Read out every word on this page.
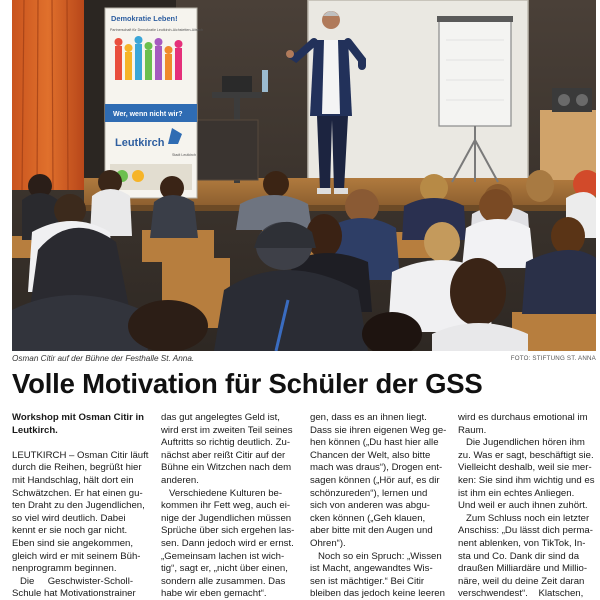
Demokratie Leben!
Partnerschaft für Demokratie Leutkirch-Aichstetten-Aitrach
Wer, wenn nicht wir?
Leutkirch
Stadt Leutkirch
Osman Citir auf der Bühne der Festhalle St. Anna.	FOTO: STIFTUNG ST. ANNA
Volle Motivation für Schüler der GSS
Workshop mit Osman Citir in
Leutkirch.
LEUTKIRCH – Osman Citir läuft
durch die Reihen, begrüßt hier
mit Handschlag, hält dort ein
Schwätzchen. Er hat einen gu-
ten Draht zu den Jugendlichen,
so viel wird deutlich. Dabei
kennt er sie noch gar nicht.
Eben sind sie angekommen,
gleich wird er mit seinem Büh-
nenprogramm beginnen.
Die     Geschwister-Scholl-
Schule hat Motivationstrainer
das gut angelegtes Geld ist,
wird erst im zweiten Teil seines
Auftritts so richtig deutlich. Zu-
nächst aber reißt Citir auf der
Bühne ein Witzchen nach dem
anderen.
Verschiedene Kulturen be-
kommen ihr Fett weg, auch ei-
nige der Jugendlichen müssen
Sprüche über sich ergehen las-
sen. Dann jedoch wird er ernst.
„Gemeinsam lachen ist wich-
tig“, sagt er, „nicht über einen,
sondern alle zusammen. Das
habe wir eben gemacht“.
gen, dass es an ihnen liegt.
Dass sie ihren eigenen Weg ge-
hen können („Du hast hier alle
Chancen der Welt, also bitte
mach was draus“), Drogen ent-
sagen können („Hör auf, es dir
schönzureden“), lernen und
sich von anderen was abgu-
cken können („Geh klauen,
aber bitte mit den Augen und
Ohren“).
Noch so ein Spruch: „Wissen
ist Macht, angewandtes Wis-
sen ist mächtiger.“ Bei Citir
bleiben das jedoch keine leeren
wird es durchaus emotional im
Raum.
Die Jugendlichen hören ihm
zu. Was er sagt, beschäftigt sie.
Vielleicht deshalb, weil sie mer-
ken: Sie sind ihm wichtig und es
ist ihm ein echtes Anliegen.
Und weil er auch ihnen zuhört.
Zum Schluss noch ein letzter
Anschiss: „Du lässt dich perma-
nent ablenken, von TikTok, In-
sta und Co. Dank dir sind da
draußen Milliardäre und Millio-
näre, weil du deine Zeit daran
verschwendest“.    Klatschen,
